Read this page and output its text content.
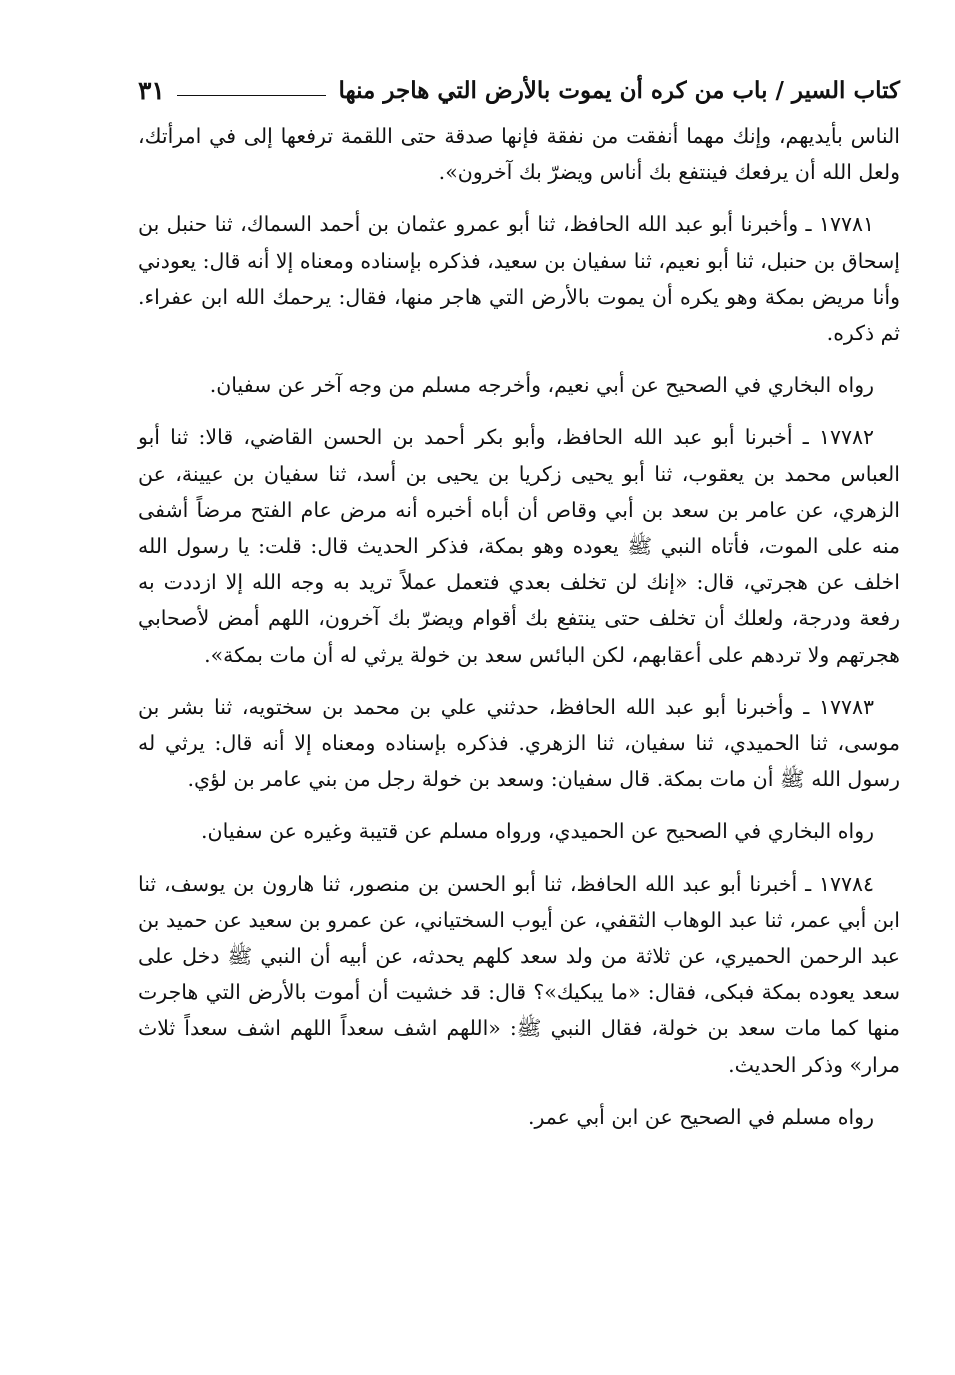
كتاب السير / باب من كره أن يموت بالأرض التي هاجر منها
٣١

الناس بأيديهم، وإنك مهما أنفقت من نفقة فإنها صدقة حتى اللقمة ترفعها إلى في امرأتك، ولعل الله أن يرفعك فينتفع بك أناس ويضرّ بك آخرون».

١٧٧٨١ ـ وأخبرنا أبو عبد الله الحافظ، ثنا أبو عمرو عثمان بن أحمد السماك، ثنا حنبل بن إسحاق بن حنبل، ثنا أبو نعيم، ثنا سفيان بن سعيد، فذكره بإسناده ومعناه إلا أنه قال: يعودني وأنا مريض بمكة وهو يكره أن يموت بالأرض التي هاجر منها، فقال: يرحمك الله ابن عفراء. ثم ذكره.

رواه البخاري في الصحيح عن أبي نعيم، وأخرجه مسلم من وجه آخر عن سفيان.

١٧٧٨٢ ـ أخبرنا أبو عبد الله الحافظ، وأبو بكر أحمد بن الحسن القاضي، قالا: ثنا أبو العباس محمد بن يعقوب، ثنا أبو يحيى زكريا بن يحيى بن أسد، ثنا سفيان بن عيينة، عن الزهري، عن عامر بن سعد بن أبي وقاص أن أباه أخبره أنه مرض عام الفتح مرضاً أشفى منه على الموت، فأتاه النبي ﷺ يعوده وهو بمكة، فذكر الحديث قال: قلت: يا رسول الله اخلف عن هجرتي، قال: «إنك لن تخلف بعدي فتعمل عملاً تريد به وجه الله إلا ازددت به رفعة ودرجة، ولعلك أن تخلف حتى ينتفع بك أقوام ويضرّ بك آخرون، اللهم أمض لأصحابي هجرتهم ولا تردهم على أعقابهم، لكن البائس سعد بن خولة يرثي له أن مات بمكة».

١٧٧٨٣ ـ وأخبرنا أبو عبد الله الحافظ، حدثني علي بن محمد بن سختويه، ثنا بشر بن موسى، ثنا الحميدي، ثنا سفيان، ثنا الزهري. فذكره بإسناده ومعناه إلا أنه قال: يرثي له رسول الله ﷺ أن مات بمكة. قال سفيان: وسعد بن خولة رجل من بني عامر بن لؤي.

رواه البخاري في الصحيح عن الحميدي، ورواه مسلم عن قتيبة وغيره عن سفيان.

١٧٧٨٤ ـ أخبرنا أبو عبد الله الحافظ، ثنا أبو الحسن بن منصور، ثنا هارون بن يوسف، ثنا ابن أبي عمر، ثنا عبد الوهاب الثقفي، عن أيوب السختياني، عن عمرو بن سعيد عن حميد بن عبد الرحمن الحميري، عن ثلاثة من ولد سعد كلهم يحدثه، عن أبيه أن النبي ﷺ دخل على سعد يعوده بمكة فبكى، فقال: «ما يبكيك»؟ قال: قد خشيت أن أموت بالأرض التي هاجرت منها كما مات سعد بن خولة، فقال النبي ﷺ: «اللهم اشف سعداً اللهم اشف سعداً ثلاث مرار» وذكر الحديث.

رواه مسلم في الصحيح عن ابن أبي عمر.
